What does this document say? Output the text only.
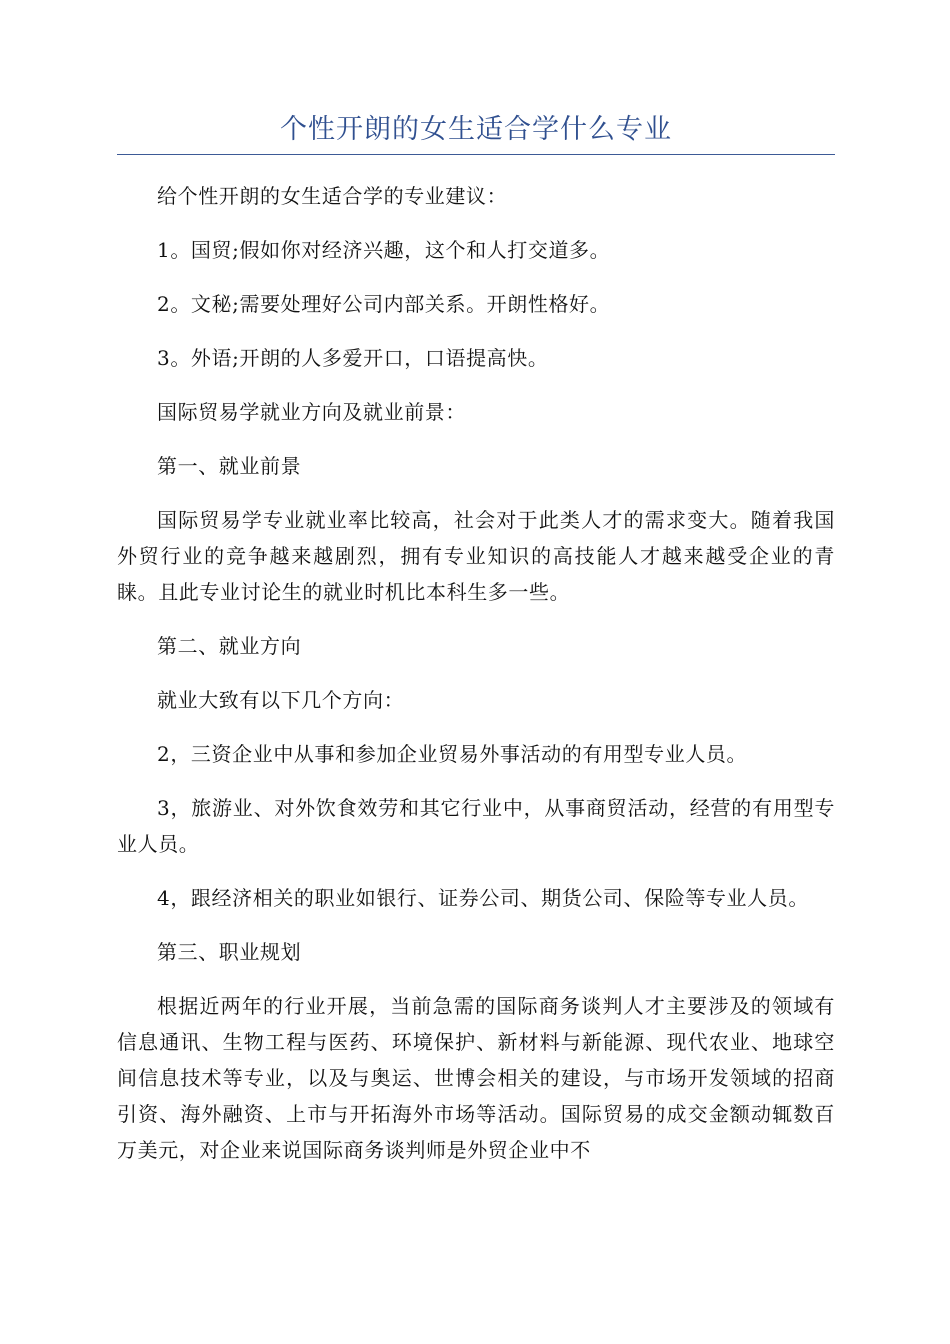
个性开朗的女生适合学什么专业

给个性开朗的女生适合学的专业建议：

1。国贸;假如你对经济兴趣，这个和人打交道多。

2。文秘;需要处理好公司内部关系。开朗性格好。

3。外语;开朗的人多爱开口，口语提高快。

国际贸易学就业方向及就业前景：

第一、就业前景

国际贸易学专业就业率比较高，社会对于此类人才的需求变大。随着我国外贸行业的竞争越来越剧烈，拥有专业知识的高技能人才越来越受企业的青睐。且此专业讨论生的就业时机比本科生多一些。

第二、就业方向

就业大致有以下几个方向：

2，三资企业中从事和参加企业贸易外事活动的有用型专业人员。

3，旅游业、对外饮食效劳和其它行业中，从事商贸活动，经营的有用型专业人员。

4，跟经济相关的职业如银行、证券公司、期货公司、保险等专业人员。

第三、职业规划

根据近两年的行业开展，当前急需的国际商务谈判人才主要涉及的领域有信息通讯、生物工程与医药、环境保护、新材料与新能源、现代农业、地球空间信息技术等专业，以及与奥运、世博会相关的建设，与市场开发领域的招商引资、海外融资、上市与开拓海外市场等活动。国际贸易的成交金额动辄数百万美元，对企业来说国际商务谈判师是外贸企业中不
